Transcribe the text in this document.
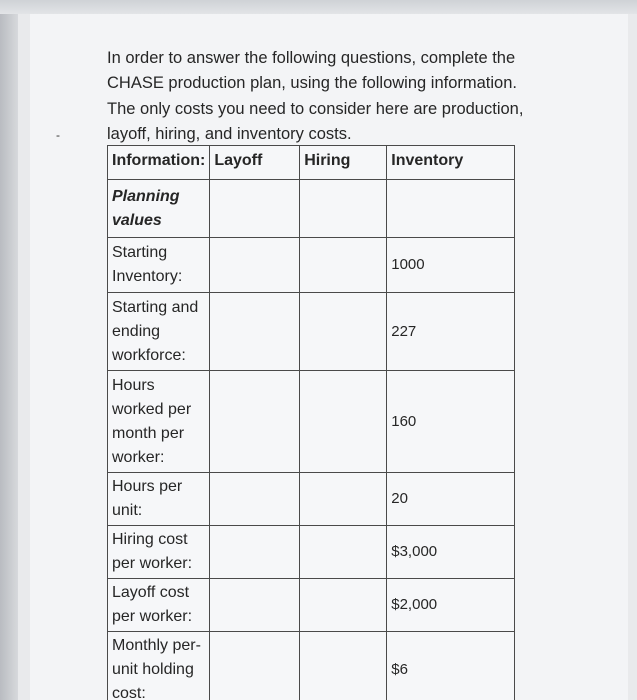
-

In order to answer the following questions, complete the CHASE production plan, using the following information. The only costs you need to consider here are production, layoff, hiring, and inventory costs.

Information:	Layoff	Hiring	Inventory
Planning values			
Starting Inventory:			1000
Starting and ending workforce:			227
Hours worked per month per worker:			160
Hours per unit:			20
Hiring cost per worker:			$3,000
Layoff cost per worker:			$2,000
Monthly per-unit holding cost:			$6
